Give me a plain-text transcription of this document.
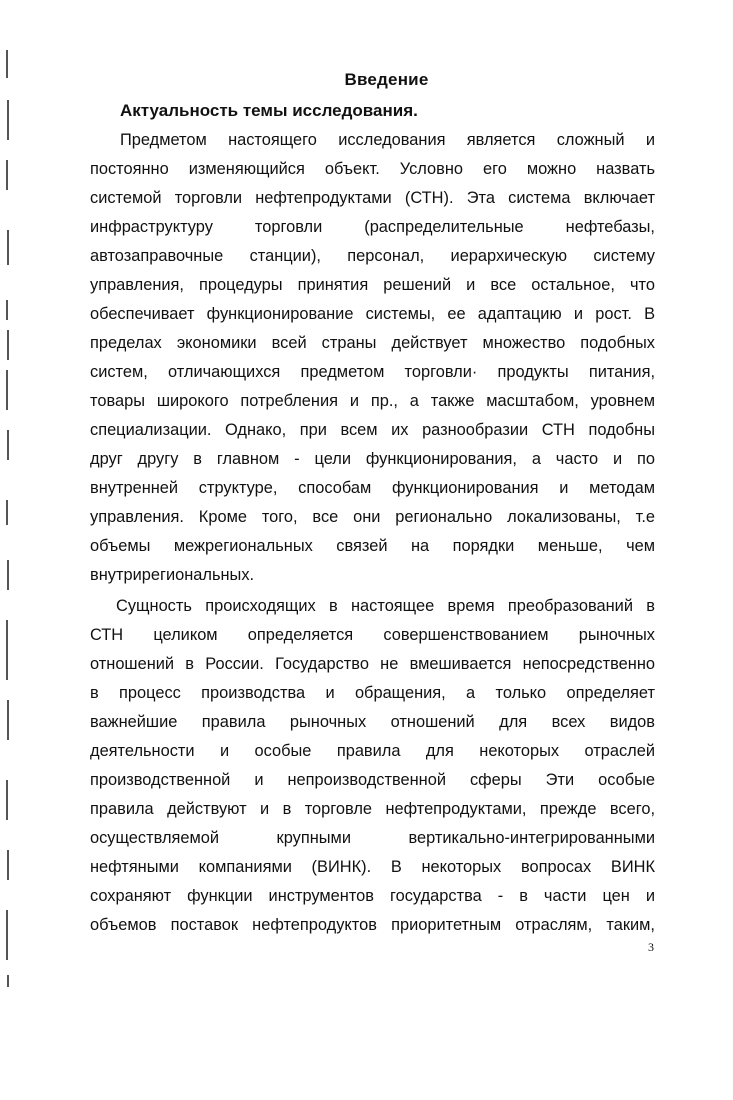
Введение
Актуальность темы исследования.
Предметом настоящего исследования является сложный и
постоянно изменяющийся объект. Условно его можно назвать
системой торговли нефтепродуктами (СТН). Эта система включает
инфраструктуру торговли (распределительные нефтебазы,
автозаправочные станции), персонал, иерархическую систему
управления, процедуры принятия решений и все остальное, что
обеспечивает функционирование системы, ее адаптацию и рост. В
пределах экономики всей страны действует множество подобных
систем, отличающихся предметом торговли· продукты питания,
товары широкого потребления и пр., а также масштабом, уровнем
специализации. Однако, при всем их разнообразии СТН подобны
друг другу в главном - цели функционирования, а часто и по
внутренней структуре, способам функционирования и методам
управления. Кроме того, все они регионально локализованы, т.е
объемы межрегиональных связей на порядки меньше, чем
внутрирегиональных.
Сущность происходящих в настоящее время преобразований в
СТН целиком определяется совершенствованием рыночных
отношений в России. Государство не вмешивается непосредственно
в процесс производства и обращения, а только определяет
важнейшие правила рыночных отношений для всех видов
деятельности и особые правила для некоторых отраслей
производственной и непроизводственной сферы Эти особые
правила действуют и в торговле нефтепродуктами, прежде всего,
осуществляемой крупными вертикально-интегрированными
нефтяными компаниями (ВИНК). В некоторых вопросах ВИНК
сохраняют функции инструментов государства - в части цен и
объемов поставок нефтепродуктов приоритетным отраслям, таким,
3
